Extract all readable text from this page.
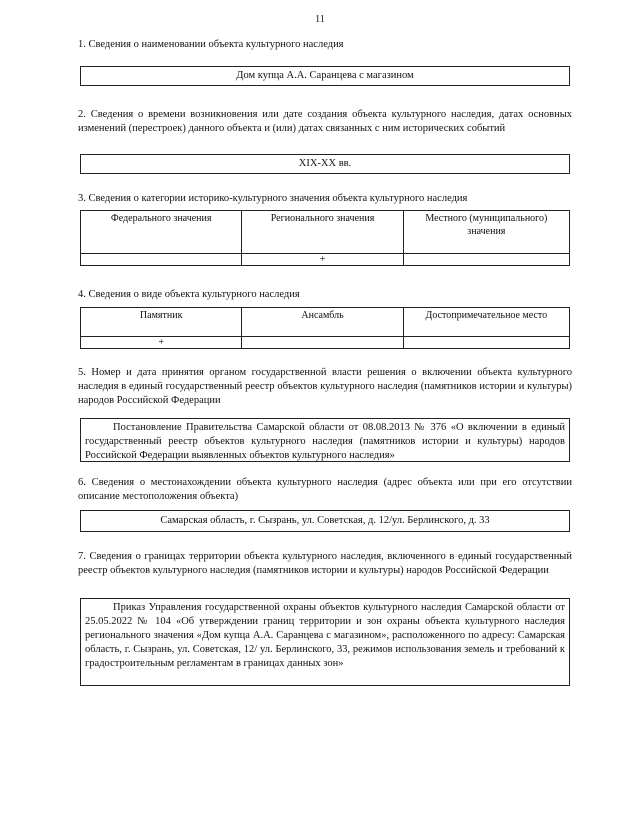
11

1. Сведения о наименовании объекта культурного наследия

Дом купца А.А. Саранцева с магазином

2. Сведения о времени возникновения или дате создания объекта культурного наследия, датах основных изменений (перестроек) данного объекта и (или) датах связанных с ним исторических событий

XIX-XX вв.

3. Сведения о категории историко-культурного значения объекта культурного наследия

Федерального значения	Регионального значения	Местного (муниципального) значения
	+	

4. Сведения о виде объекта культурного наследия

Памятник	Ансамбль	Достопримечательное место
+		

5. Номер и дата принятия органом государственной власти решения о включении объекта культурного наследия в единый государственный реестр объектов культурного наследия (памятников истории и культуры) народов Российской Федерации

Постановление Правительства Самарской области от 08.08.2013 № 376 «О включении в единый государственный реестр объектов культурного наследия (памятников истории и культуры) народов Российской Федерации выявленных объектов культурного наследия»

6. Сведения о местонахождении объекта культурного наследия (адрес объекта или при его отсутствии описание местоположения объекта)

Самарская область, г. Сызрань, ул. Советская, д. 12/ул. Берлинского, д. 33

7. Сведения о границах территории объекта культурного наследия, включенного в единый государственный реестр объектов культурного наследия (памятников истории и культуры) народов Российской Федерации

Приказ Управления государственной охраны объектов культурного наследия Самарской области от 25.05.2022 № 104 «Об утверждении границ территории и зон охраны объекта культурного наследия регионального значения «Дом купца А.А. Саранцева с магазином», расположенного по адресу: Самарская область, г. Сызрань, ул. Советская, 12/ ул. Берлинского, 33, режимов использования земель и требований к градостроительным регламентам в границах данных зон»
